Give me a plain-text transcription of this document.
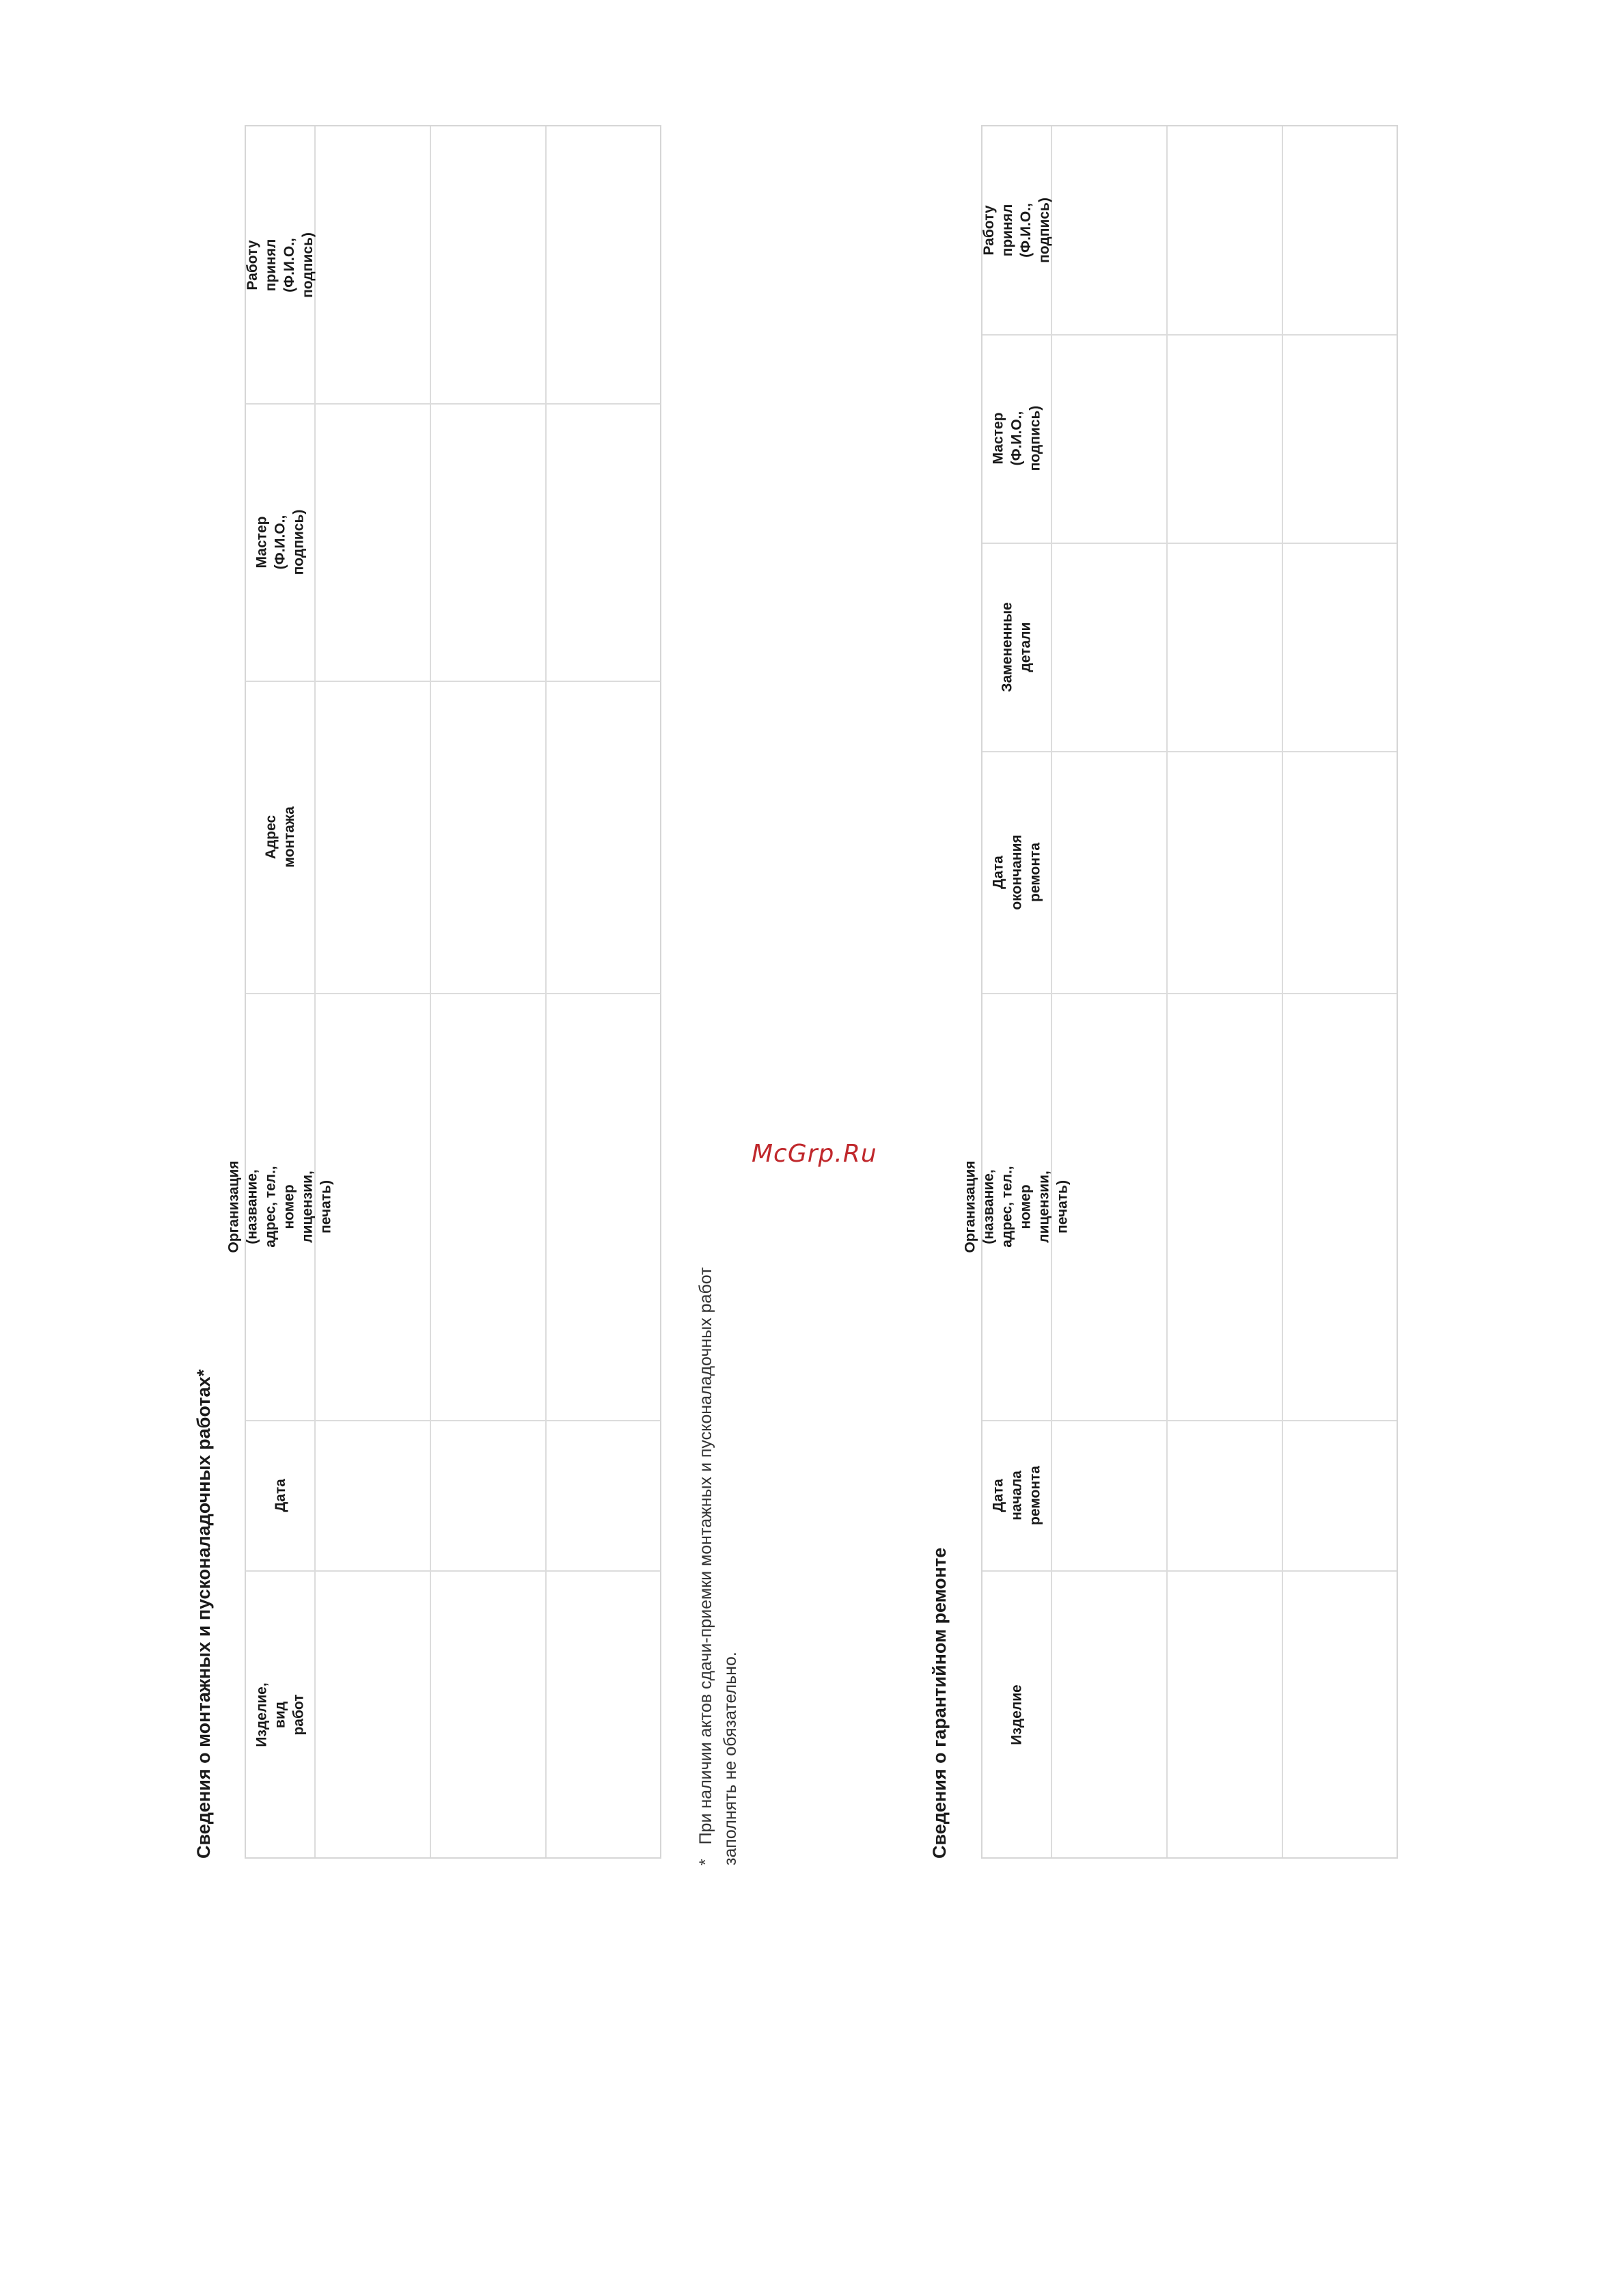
Сведения о монтажных и пусконаладочных работах*	Изделие,
вид работ
Дата
Организация (название, адрес, тел.,
номер лицензии, печать)
Адрес монтажа
Мастер
(Ф.И.О., подпись)
Работу принял
(Ф.И.О., подпись)
*   При наличии актов сдачи-приемки монтажных и пусконаладочных работ заполнять не обязательно.
McGrp.Ru
Сведения о гарантийном ремонте	Изделие
Дата начала
ремонта
Организация (название, адрес, тел.,
номер лицензии, печать)
Дата окончания
ремонта
Замененные детали
Мастер
(Ф.И.О., подпись)
Работу принял
(Ф.И.О., подпись)
